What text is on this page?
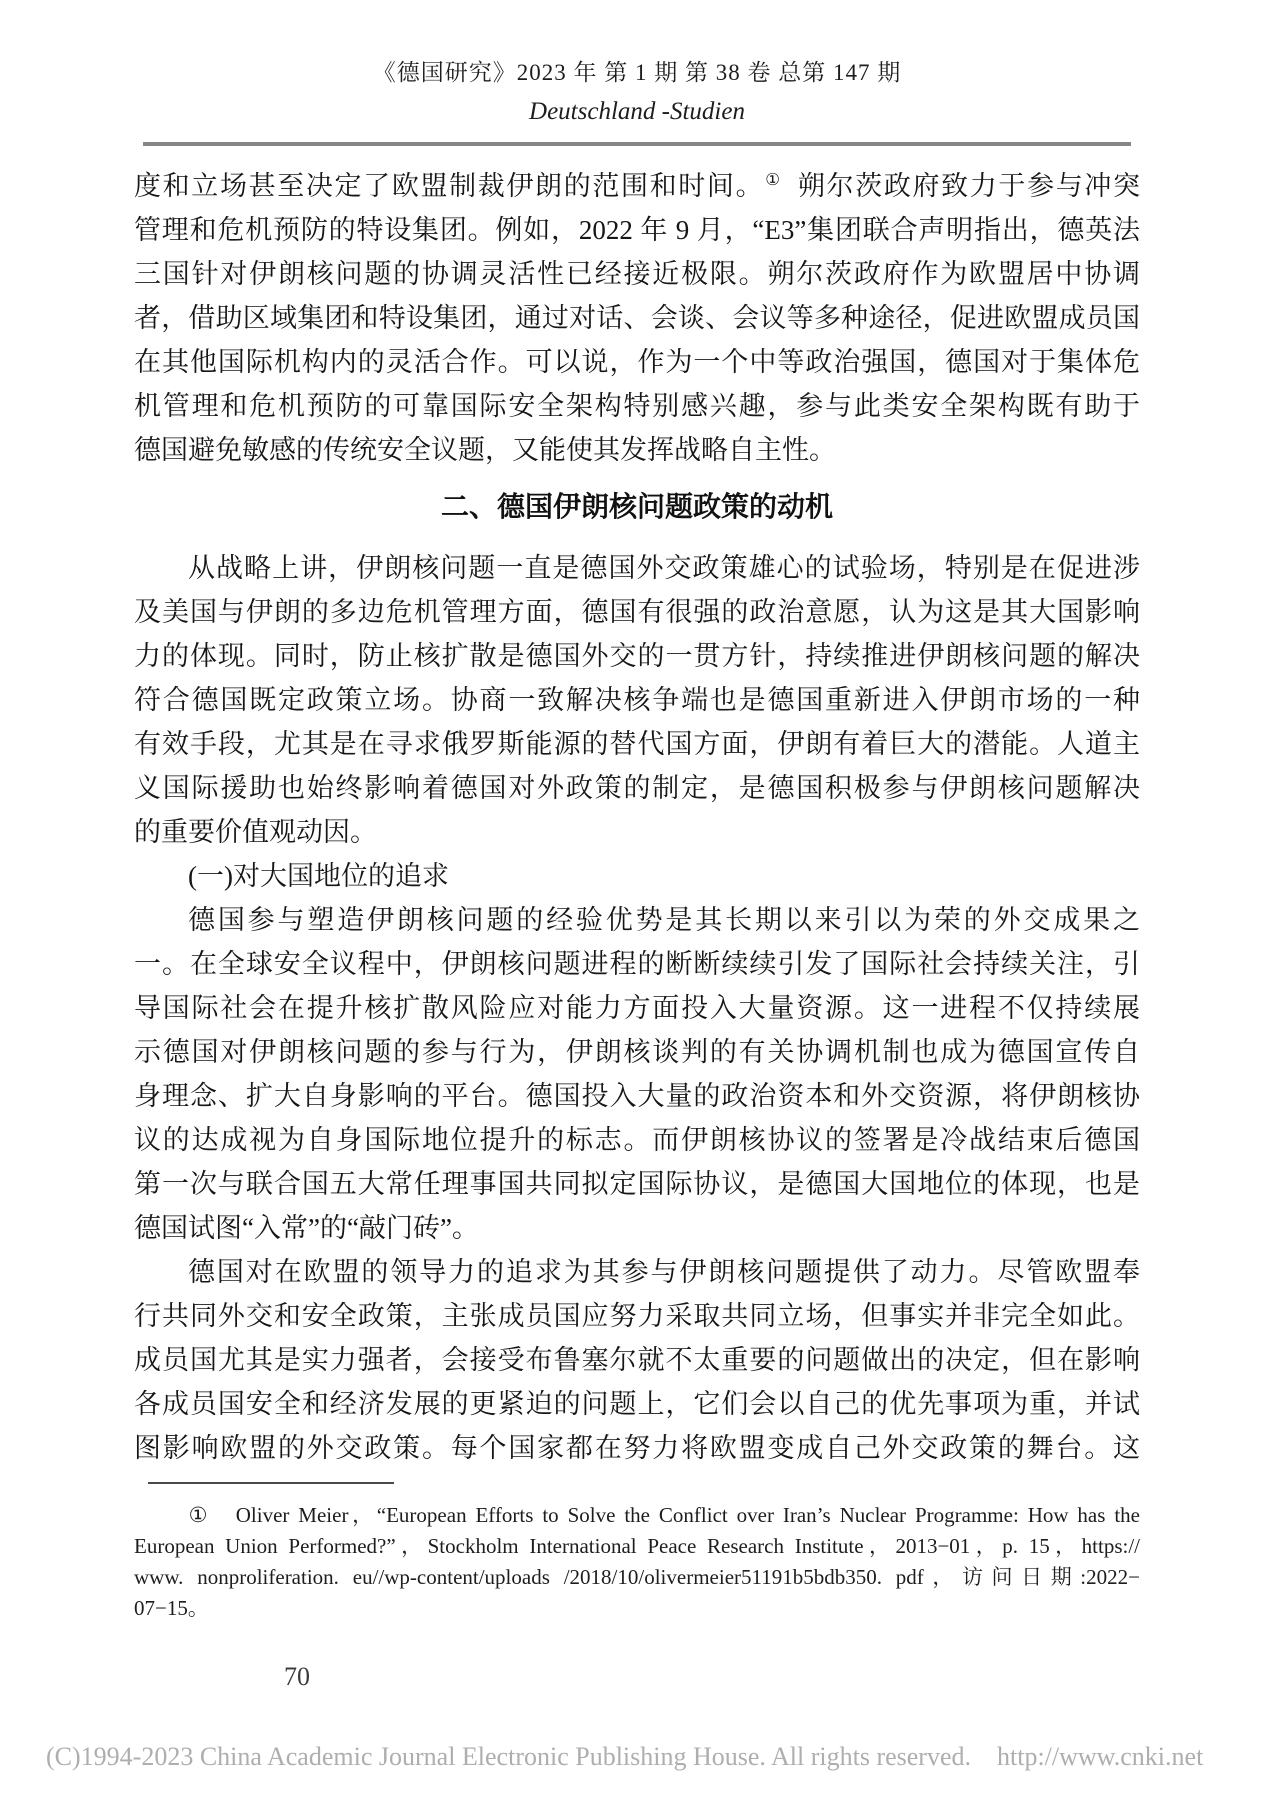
《德国研究》2023 年 第 1 期 第 38 卷 总第 147 期
Deutschland -Studien
度和立场甚至决定了欧盟制裁伊朗的范围和时间。① 朔尔茨政府致力于参与冲突
管理和危机预防的特设集团。例如，2022 年 9 月，“E3”集团联合声明指出，德英法
三国针对伊朗核问题的协调灵活性已经接近极限。朔尔茨政府作为欧盟居中协调
者，借助区域集团和特设集团，通过对话、会谈、会议等多种途径，促进欧盟成员国
在其他国际机构内的灵活合作。可以说，作为一个中等政治强国，德国对于集体危
机管理和危机预防的可靠国际安全架构特别感兴趣，参与此类安全架构既有助于
德国避免敏感的传统安全议题，又能使其发挥战略自主性。
二、德国伊朗核问题政策的动机
从战略上讲，伊朗核问题一直是德国外交政策雄心的试验场，特别是在促进涉
及美国与伊朗的多边危机管理方面，德国有很强的政治意愿，认为这是其大国影响
力的体现。同时，防止核扩散是德国外交的一贯方针，持续推进伊朗核问题的解决
符合德国既定政策立场。协商一致解决核争端也是德国重新进入伊朗市场的一种
有效手段，尤其是在寻求俄罗斯能源的替代国方面，伊朗有着巨大的潜能。人道主
义国际援助也始终影响着德国对外政策的制定，是德国积极参与伊朗核问题解决
的重要价值观动因。
(一)对大国地位的追求
德国参与塑造伊朗核问题的经验优势是其长期以来引以为荣的外交成果之
一。在全球安全议程中，伊朗核问题进程的断断续续引发了国际社会持续关注，引
导国际社会在提升核扩散风险应对能力方面投入大量资源。这一进程不仅持续展
示德国对伊朗核问题的参与行为，伊朗核谈判的有关协调机制也成为德国宣传自
身理念、扩大自身影响的平台。德国投入大量的政治资本和外交资源，将伊朗核协
议的达成视为自身国际地位提升的标志。而伊朗核协议的签署是冷战结束后德国
第一次与联合国五大常任理事国共同拟定国际协议，是德国大国地位的体现，也是
德国试图“入常”的“敲门砖”。
德国对在欧盟的领导力的追求为其参与伊朗核问题提供了动力。尽管欧盟奉
行共同外交和安全政策，主张成员国应努力采取共同立场，但事实并非完全如此。
成员国尤其是实力强者，会接受布鲁塞尔就不太重要的问题做出的决定，但在影响
各成员国安全和经济发展的更紧迫的问题上，它们会以自己的优先事项为重，并试
图影响欧盟的外交政策。每个国家都在努力将欧盟变成自己外交政策的舞台。这
①　Oliver Meier，“European Efforts to Solve the Conflict over Iran’s Nuclear Programme: How has the
European Union Performed?”，Stockholm International Peace Research Institute，2013−01，p. 15，https://
www. nonproliferation. eu//wp-content/uploads /2018/10/olivermeier51191b5bdb350. pdf，访问日期:2022−
07−15。
70
(C)1994-2023 China Academic Journal Electronic Publishing House. All rights reserved. http://www.cnki.net
